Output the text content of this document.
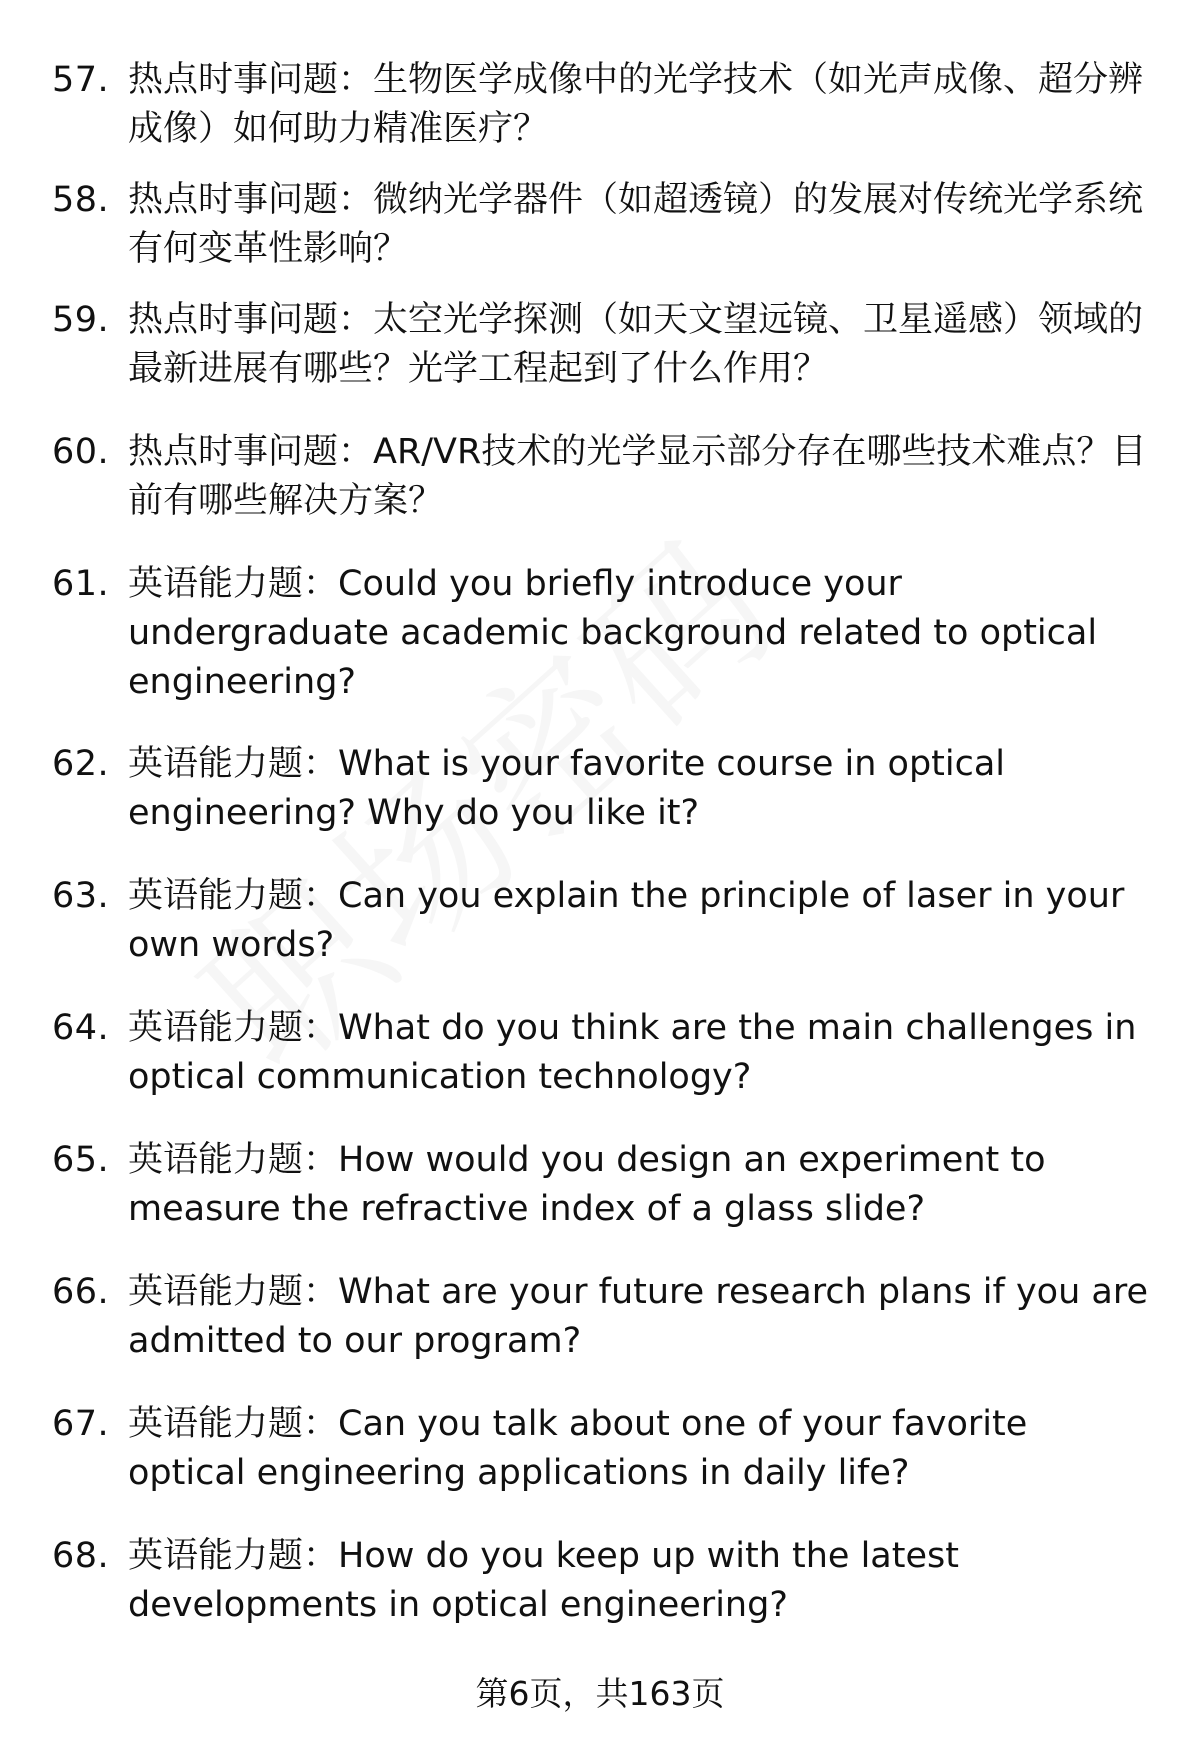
57. 热点时事问题：生物医学成像中的光学技术（如光声成像、超分辨成像）如何助力精准医疗？
58. 热点时事问题：微纳光学器件（如超透镜）的发展对传统光学系统有何变革性影响？
59. 热点时事问题：太空光学探测（如天文望远镜、卫星遥感）领域的最新进展有哪些？光学工程起到了什么作用？
60. 热点时事问题：AR/VR技术的光学显示部分存在哪些技术难点？目前有哪些解决方案？
61. 英语能力题：Could you briefly introduce your undergraduate academic background related to optical engineering?
62. 英语能力题：What is your favorite course in optical engineering? Why do you like it?
63. 英语能力题：Can you explain the principle of laser in your own words?
64. 英语能力题：What do you think are the main challenges in optical communication technology?
65. 英语能力题：How would you design an experiment to measure the refractive index of a glass slide?
66. 英语能力题：What are your future research plans if you are admitted to our program?
67. 英语能力题：Can you talk about one of your favorite optical engineering applications in daily life?
68. 英语能力题：How do you keep up with the latest developments in optical engineering?
第6页，共163页
